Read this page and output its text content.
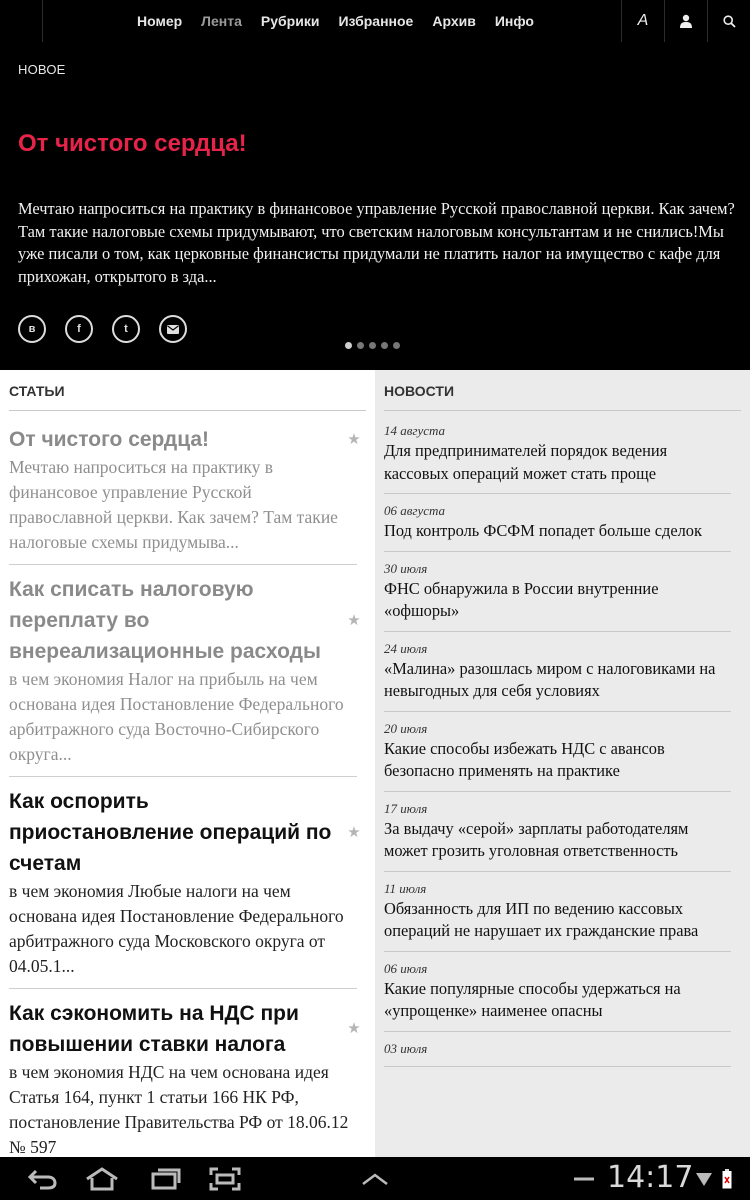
Номер Лента Рубрики Избранное Архив Инфо	A
НОВОЕ
От чистого сердца!
Мечтаю напроситься на практику в финансовое управление Русской православной церкви. Как зачем? Там такие налоговые схемы придумывают, что светским налоговым консультантам и не снились!Мы уже писали о том, как церковные финансисты придумали не платить налог на имущество с кафе для прихожан, открытого в зда...
в	f	t
СТАТЬИ
От чистого сердца!	★
Мечтаю напроситься на практику в финансовое управление Русской православной церкви. Как зачем? Там такие налоговые схемы придумыва...
Как списать налоговую переплату во внереализационные расходы
★
в чем экономия Налог на прибыль на чем основана идея Постановление Федерального арбитражного суда Восточно-Сибирского округа...
Как оспорить приостановление операций по счетам
★
в чем экономия Любые налоги на чем основана идея Постановление Федерального арбитражного суда Московского округа от 04.05.1...
Как сэкономить на НДС при повышении ставки налога
★
в чем экономия НДС на чем основана идея Статья 164, пункт 1 статьи 166 НК РФ, постановление Правительства РФ от 18.06.12 № 597
НОВОСТИ
14 августа
Для предпринимателей порядок ведения кассовых операций может стать проще
06 августа
Под контроль ФСФМ попадет больше сделок
30 июля
ФНС обнаружила в России внутренние «офшоры»
24 июля
«Малина» разошлась миром с налоговиками на невыгодных для себя условиях
20 июля
Какие способы избежать НДС с авансов безопасно применять на практике
17 июля
За выдачу «серой» зарплаты работодателям может грозить уголовная ответственность
11 июля
Обязанность для ИП по ведению кассовых операций не нарушает их гражданские права
06 июля
Какие популярные способы удержаться на «упрощенке» наименее опасны
03 июля
14:17
